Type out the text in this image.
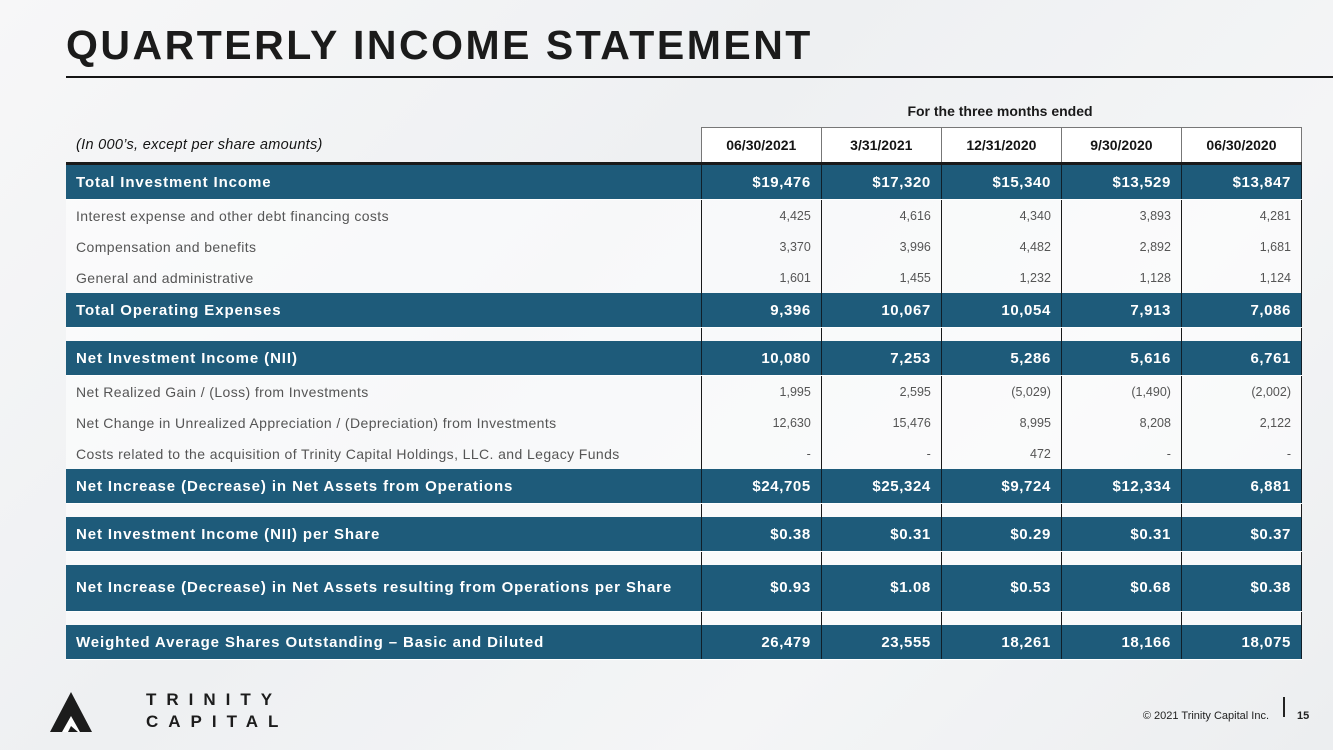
QUARTERLY INCOME STATEMENT
For the three months ended
(In 000’s, except per share amounts)	06/30/2021	3/31/2021	12/31/2020	9/30/2020	06/30/2020
Total Investment Income	$19,476	$17,320	$15,340	$13,529	$13,847
Interest expense and other debt financing costs	4,425	4,616	4,340	3,893	4,281
Compensation and benefits	3,370	3,996	4,482	2,892	1,681
General and administrative	1,601	1,455	1,232	1,128	1,124
Total Operating Expenses	9,396	10,067	10,054	7,913	7,086

Net Investment Income (NII)	10,080	7,253	5,286	5,616	6,761
Net Realized Gain / (Loss) from Investments	1,995	2,595	(5,029)	(1,490)	(2,002)
Net Change in Unrealized Appreciation / (Depreciation) from Investments	12,630	15,476	8,995	8,208	2,122
Costs related to the acquisition of Trinity Capital Holdings, LLC. and Legacy Funds	-	-	472	-	-
Net Increase (Decrease) in Net Assets from Operations	$24,705	$25,324	$9,724	$12,334	6,881

Net Investment Income (NII) per Share	$0.38	$0.31	$0.29	$0.31	$0.37

Net Increase (Decrease) in Net Assets resulting from Operations per Share	$0.93	$1.08	$0.53	$0.68	$0.38

Weighted Average Shares Outstanding – Basic and Diluted	26,479	23,555	18,261	18,166	18,075
TRINITY
CAPITAL	© 2021 Trinity Capital Inc.	15
